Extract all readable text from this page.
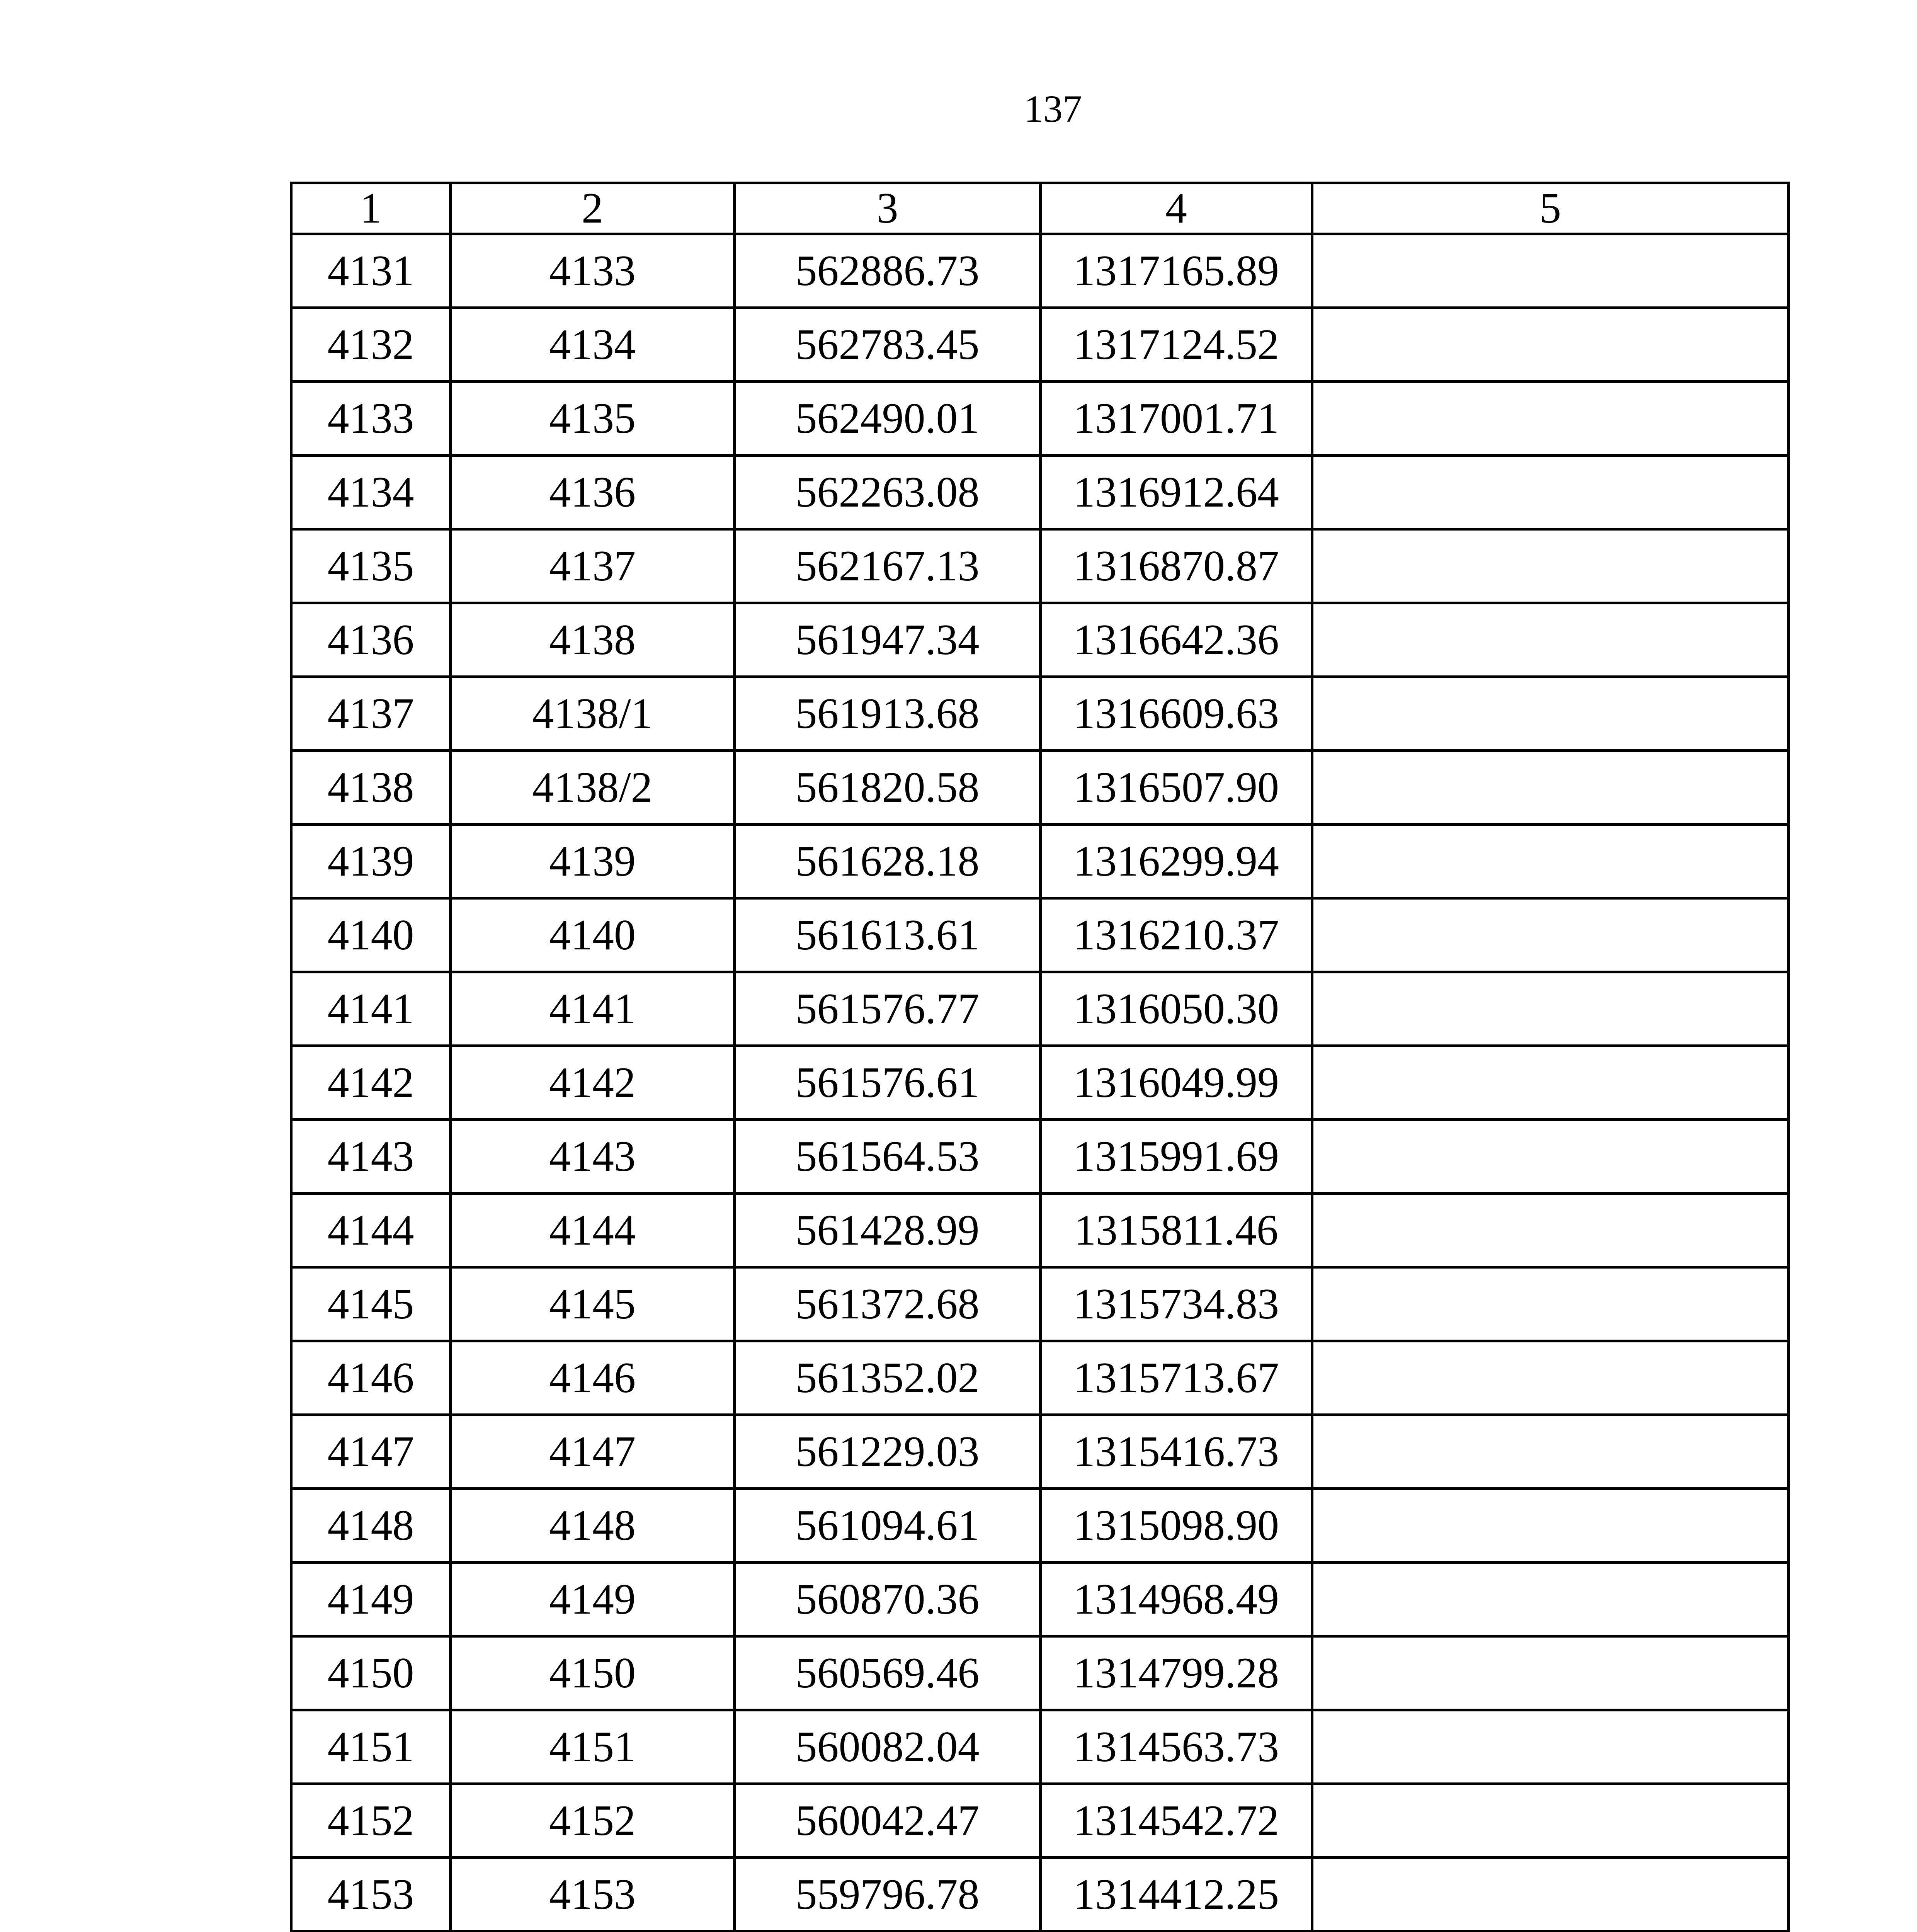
137
1	2	3	4	5
4131	4133	562886.73	1317165.89	
4132	4134	562783.45	1317124.52	
4133	4135	562490.01	1317001.71	
4134	4136	562263.08	1316912.64	
4135	4137	562167.13	1316870.87	
4136	4138	561947.34	1316642.36	
4137	4138/1	561913.68	1316609.63	
4138	4138/2	561820.58	1316507.90	
4139	4139	561628.18	1316299.94	
4140	4140	561613.61	1316210.37	
4141	4141	561576.77	1316050.30	
4142	4142	561576.61	1316049.99	
4143	4143	561564.53	1315991.69	
4144	4144	561428.99	1315811.46	
4145	4145	561372.68	1315734.83	
4146	4146	561352.02	1315713.67	
4147	4147	561229.03	1315416.73	
4148	4148	561094.61	1315098.90	
4149	4149	560870.36	1314968.49	
4150	4150	560569.46	1314799.28	
4151	4151	560082.04	1314563.73	
4152	4152	560042.47	1314542.72	
4153	4153	559796.78	1314412.25	
